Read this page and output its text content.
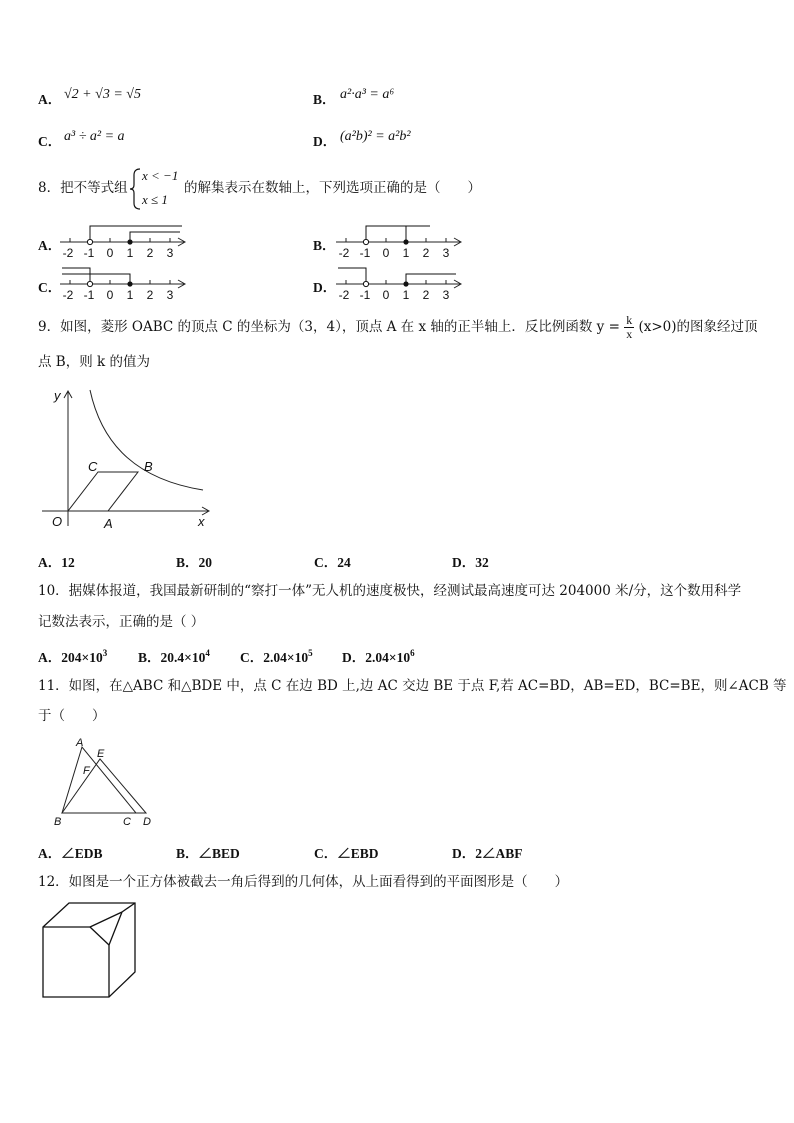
A． √2 + √3 = √5	B． a²·a³ = a⁶
C． a³ ÷ a² = a	D． (a²b)² = a²b²
8．把不等式组
x < −1
x ≤ 1
的解集表示在数轴上，下列选项正确的是（　　）
A．	B．
C．	D．
-2 -1 0 1 2 3	-2 -1 0 1 2 3
-2 -1 0 1 2 3	-2 -1 0 1 2 3
9．如图，菱形 OABC 的顶点 C 的坐标为（3，4），顶点 A 在 x 轴的正半轴上．反比例函数 $y = \frac{k}{x} (x>0)$的图象经过顶
点 B，则 k 的值为
y
x
O	A
B
C
A．12	B．20	C．24	D．32
10．据媒体报道，我国最新研制的“察打一体”无人机的速度极快，经测试最高速度可达 204000 米/分，这个数用科学
记数法表示，正确的是（ ）
A．$204\times 10^3$ B．$20.4\times 10^4$ C．$2.04\times 10^5$ D．$2.04\times 10^6$
11．如图，在△ABC 和△BDE 中，点 C 在边 BD 上,边 AC 交边 BE 于点 F,若 AC=BD，AB=ED，BC=BE，则∠ACB 等
于（　　）
A
E
F
B	C D
A．∠EDB	B．∠BED	C．∠EBD	D．2∠ABF
12．如图是一个正方体被截去一角后得到的几何体，从上面看得到的平面图形是（　　）
